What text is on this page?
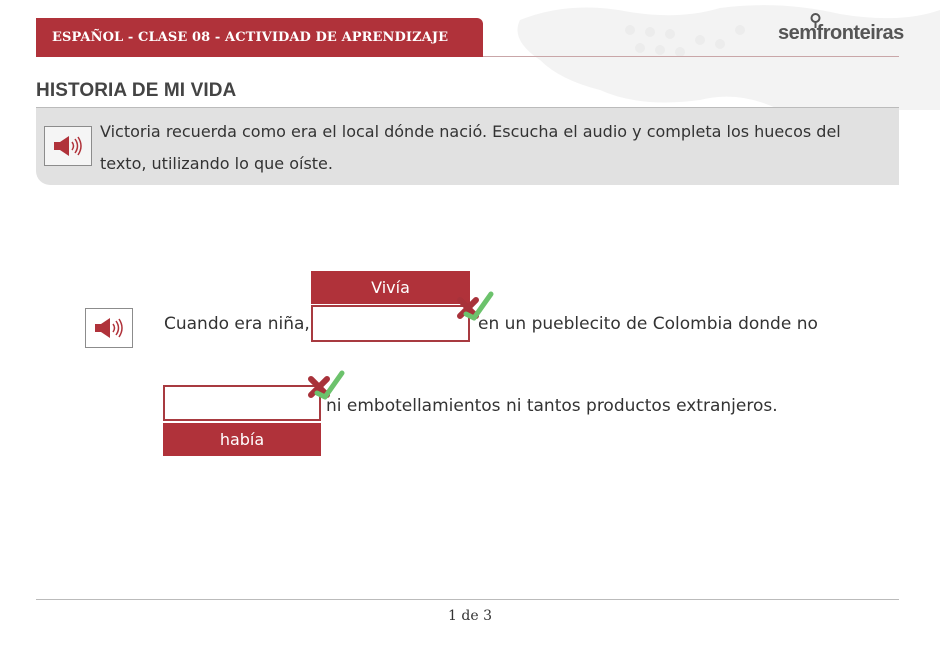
ESPAÑOL - CLASE 08 - ACTIVIDAD DE APRENDIZAJE	semfronteiras
HISTORIA DE MI VIDA
Victoria recuerda como era el local dónde nació. Escucha el audio y completa los huecos del texto, utilizando lo que oíste.
Vivía
Cuando era niña,	en un pueblecito de Colombia donde no
ni embotellamientos ni tantos productos extranjeros.
había
1 de 3
